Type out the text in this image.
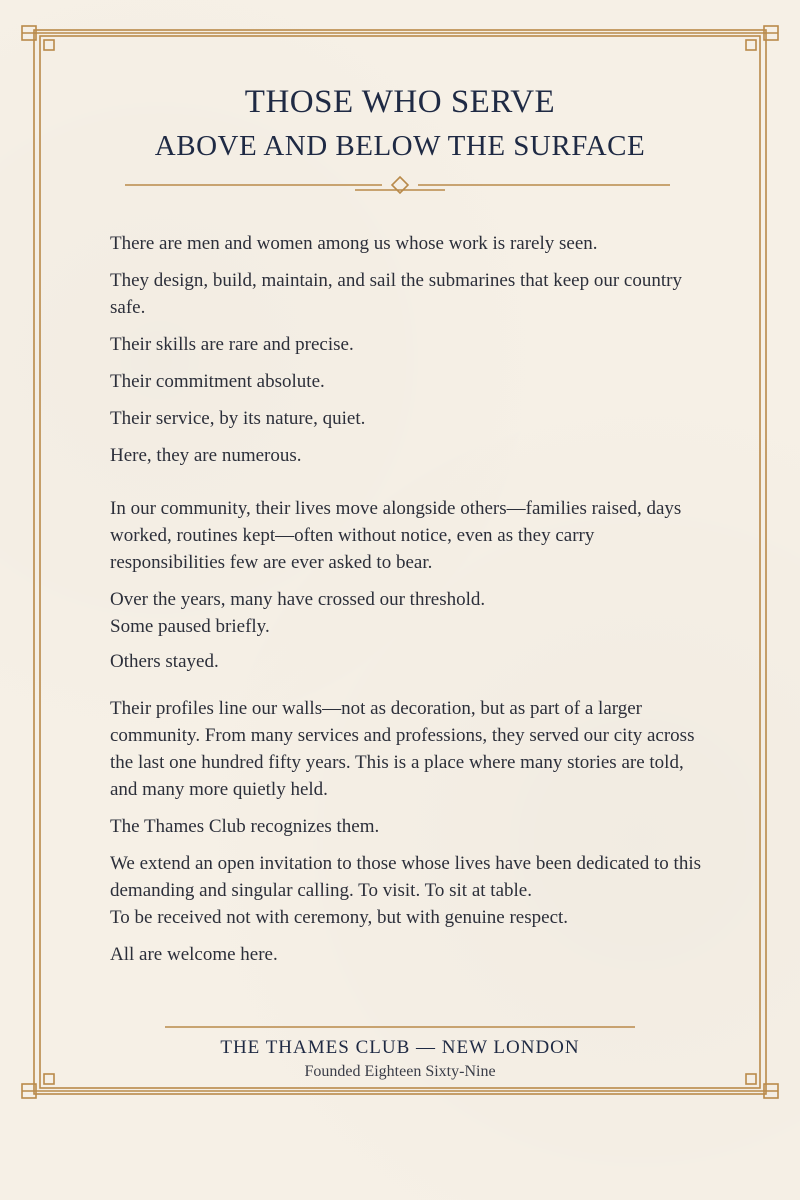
THOSE WHO SERVE
ABOVE AND BELOW THE SURFACE

There are men and women among us whose work is rarely seen.

They design, build, maintain, and sail the submarines that keep our country safe.

Their skills are rare and precise.

Their commitment absolute.

Their service, by its nature, quiet.

Here, they are numerous.

In our community, their lives move alongside others—families raised, days worked, routines kept—often without notice, even as they carry responsibilities few are ever asked to bear.

Over the years, many have crossed our threshold.

Some paused briefly.

Others stayed.

Their profiles line our walls—not as decoration, but as part of a larger community. From many services and professions, they served our city across the last one hundred fifty years. This is a place where many stories are told, and many more quietly held.

The Thames Club recognizes them.

We extend an open invitation to those whose lives have been dedicated to this demanding and singular calling. To visit. To sit at table.

To be received not with ceremony, but with genuine respect.

All are welcome here.

THE THAMES CLUB — NEW LONDON
Founded Eighteen Sixty-Nine
